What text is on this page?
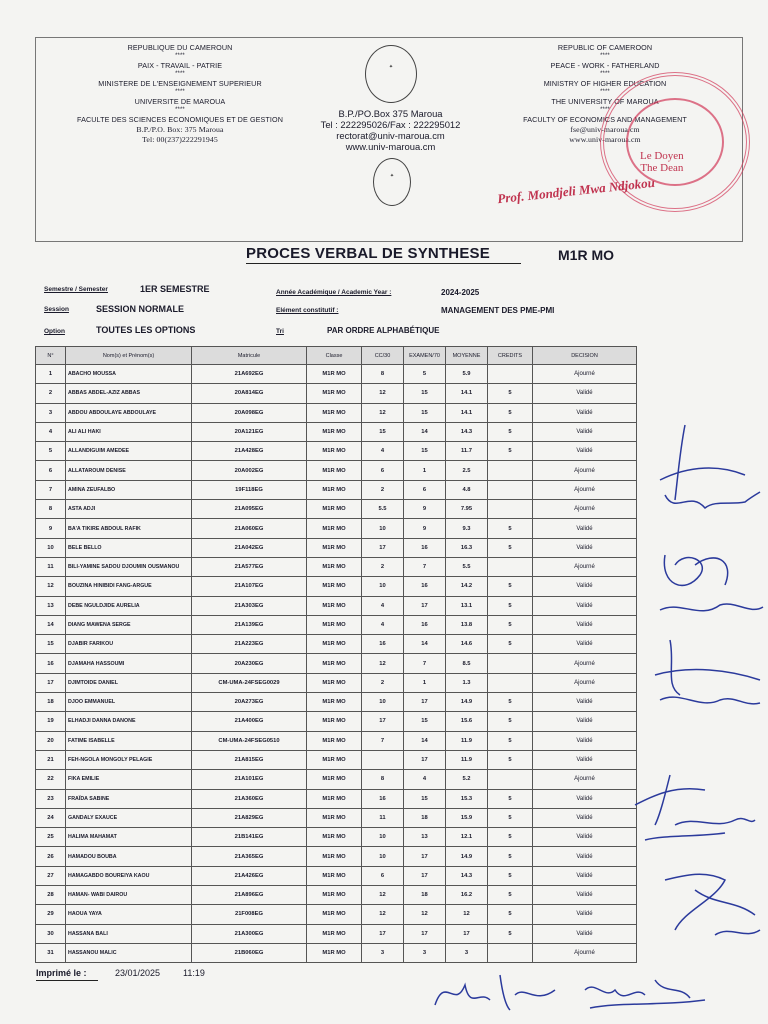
REPUBLIQUE DU CAMEROUN
****
PAIX - TRAVAIL - PATRIE
****
MINISTERE DE L'ENSEIGNEMENT SUPERIEUR
****
UNIVERSITE DE MAROUA
****
FACULTE DES SCIENCES ECONOMIQUES ET DE GESTION
B.P./P.O. Box: 375 Maroua
Tel: 00(237)222291945
REPUBLIC OF CAMEROON
****
PEACE - WORK - FATHERLAND
****
MINISTRY OF HIGHER EDUCATION
****
THE UNIVERSITY OF MAROUA
****
FACULTY OF ECONOMICS AND MANAGEMENT
fse@univ-maroua.cm
www.univ-maroua.cm
✦
B.P./PO.Box 375 Maroua
Tel : 222295026/Fax : 222295012
rectorat@univ-maroua.cm
www.univ-maroua.cm
✦
Le Doyen
The Dean
Prof. Mondjeli Mwa Ndjokou
PROCES VERBAL DE SYNTHESE	M1R MO
Semestre / Semester	1ER SEMESTRE	Année Académique / Academic Year :	2024-2025
Session	SESSION NORMALE	Elément constitutif :	MANAGEMENT DES PME-PMI
Option	TOUTES LES OPTIONS	Tri	PAR ORDRE ALPHABÉTIQUE
N°	Nom(s) et Prénom(s)	Matricule	Classe	CC/30	EXAMEN/70	MOYENNE	CREDITS	DECISION
1	ABACHO MOUSSA	21A692EG	M1R MO	8	5	5.9		Ajourné
2	ABBAS ABDEL-AZIZ ABBAS	20A814EG	M1R MO	12	15	14.1	5	Validé
3	ABDOU ABDOULAYE ABDOULAYE	20A098EG	M1R MO	12	15	14.1	5	Validé
4	ALI ALI HAKI	20A121EG	M1R MO	15	14	14.3	5	Validé
5	ALLANDIGUIM AMEDEE	21A428EG	M1R MO	4	15	11.7	5	Validé
6	ALLATAROUM DENISE	20A002EG	M1R MO	6	1	2.5		Ajourné
7	AMINA ZEUFALBO	19F118EG	M1R MO	2	6	4.8		Ajourné
8	ASTA ADJI	21A095EG	M1R MO	5.5	9	7.95		Ajourné
9	BA'A TIKIRE ABDOUL RAFIK	21A060EG	M1R MO	10	9	9.3	5	Validé
10	BELE BELLO	21A042EG	M1R MO	17	16	16.3	5	Validé
11	BILI-YAMINE SADOU DJOUMIN OUSMANOU	21A577EG	M1R MO	2	7	5.5		Ajourné
12	BOUZINA HINIBIDI FANG-ARGUE	21A107EG	M1R MO	10	16	14.2	5	Validé
13	DEBE NGULDJIDE AURELIA	21A303EG	M1R MO	4	17	13.1	5	Validé
14	DIANG MAWENA SERGE	21A139EG	M1R MO	4	16	13.8	5	Validé
15	DJABIR FARIKOU	21A223EG	M1R MO	16	14	14.6	5	Validé
16	DJAMAHA HASSOUMI	20A230EG	M1R MO	12	7	8.5		Ajourné
17	DJIMTOIDE DANIEL	CM-UMA-24FSEG0029	M1R MO	2	1	1.3		Ajourné
18	DJOO EMMANUEL	20A273EG	M1R MO	10	17	14.9	5	Validé
19	ELHADJI DANNA DANONE	21A400EG	M1R MO	17	15	15.6	5	Validé
20	FATIME ISABELLE	CM-UMA-24FSEG0510	M1R MO	7	14	11.9	5	Validé
21	FEH-NGOLA MONGOLY PELAGIE	21A815EG	M1R MO		17	11.9	5	Validé
22	FIKA EMILIE	21A101EG	M1R MO	8	4	5.2		Ajourné
23	FRAÏDA SABINE	21A360EG	M1R MO	16	15	15.3	5	Validé
24	GANDALY EXAUCE	21A829EG	M1R MO	11	18	15.9	5	Validé
25	HALIMA MAHAMAT	21B141EG	M1R MO	10	13	12.1	5	Validé
26	HAMADOU BOUBA	21A365EG	M1R MO	10	17	14.9	5	Validé
27	HAMAGABDO BOUREIYA KAOU	21A426EG	M1R MO	6	17	14.3	5	Validé
28	HAMAN- WABI DAIROU	21A896EG	M1R MO	12	18	16.2	5	Validé
29	HAOUA YAYA	21F008EG	M1R MO	12	12	12	5	Validé
30	HASSANA BALI	21A300EG	M1R MO	17	17	17	5	Validé
31	HASSANOU MALIC	21B060EG	M1R MO	3	3	3		Ajourné
Imprimé le :	23/01/2025	11:19
